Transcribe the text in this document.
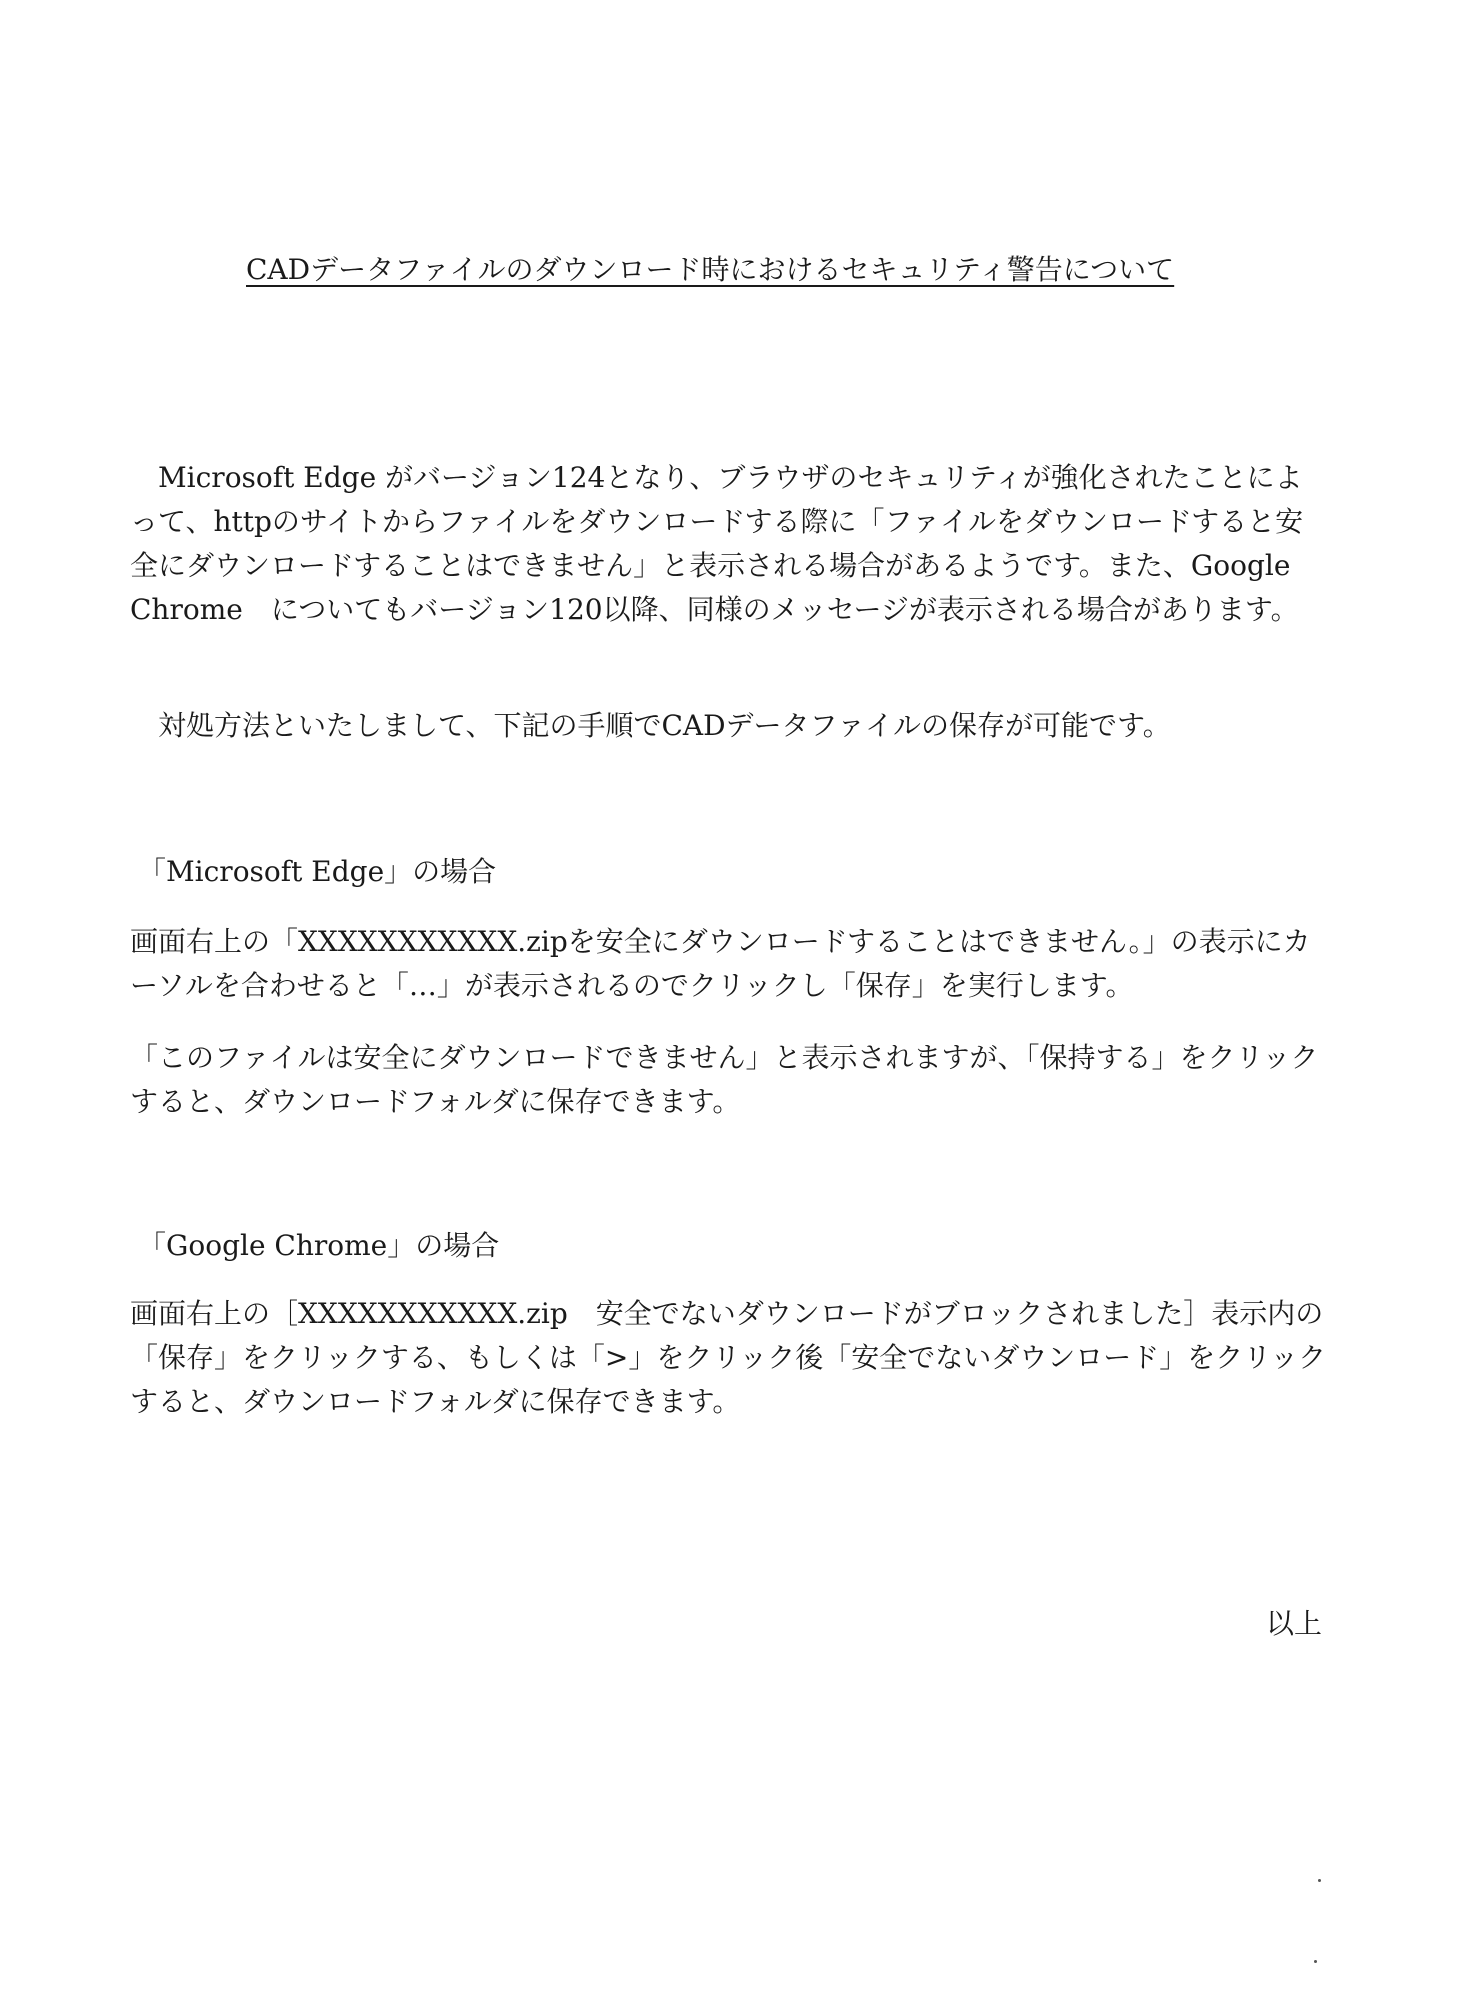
CADデータファイルのダウンロード時におけるセキュリティ警告について

Microsoft Edge がバージョン124となり、ブラウザのセキュリティが強化されたことによって、httpのサイトからファイルをダウンロードする際に「ファイルをダウンロードすると安全にダウンロードすることはできません」と表示される場合があるようです。また、Google Chrome　についてもバージョン120以降、同様のメッセージが表示される場合があります。

対処方法といたしまして、下記の手順でCADデータファイルの保存が可能です。

「Microsoft Edge」の場合

画面右上の「XXXXXXXXXXX.zipを安全にダウンロードすることはできません。」の表示にカーソルを合わせると「…」が表示されるのでクリックし「保存」を実行します。

「このファイルは安全にダウンロードできません」と表示されますが、「保持する」をクリックすると、ダウンロードフォルダに保存できます。

「Google Chrome」の場合

画面右上の［XXXXXXXXXXX.zip　安全でないダウンロードがブロックされました］表示内の「保存」をクリックする、もしくは「>」をクリック後「安全でないダウンロード」をクリックすると、ダウンロードフォルダに保存できます。

以上
